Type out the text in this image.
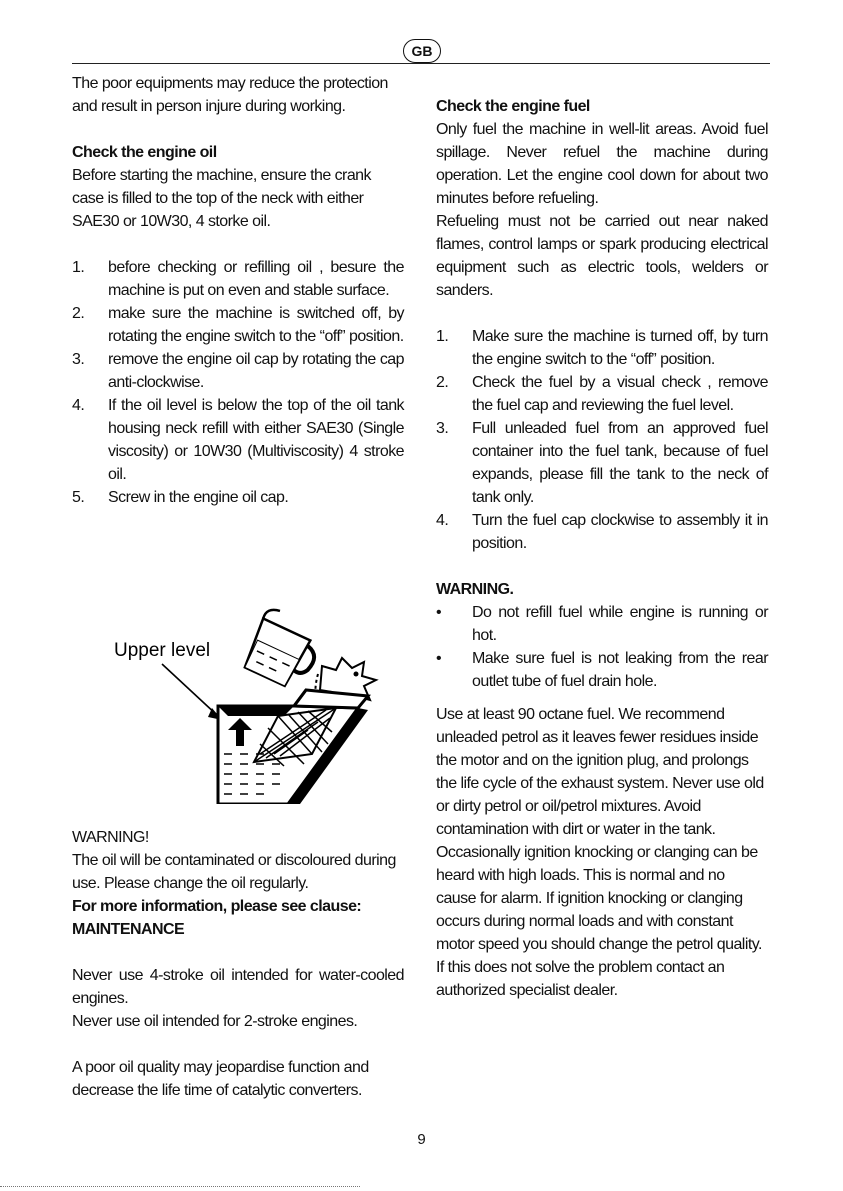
GB

The poor equipments may reduce the protection and result in person injure during working.

Check the engine oil

Before starting the machine, ensure the crank case is filled to the top of the neck with either SAE30 or 10W30, 4 storke oil.

1.	before checking or refilling oil , besure the machine is put on even and stable surface.
2.	make sure the machine is switched off, by rotating the engine switch to the “off” position.
3.	remove the engine oil cap by rotating the cap anti-clockwise.
4.	If the oil level is below the top of the oil tank housing neck refill with either SAE30 (Single viscosity) or 10W30 (Multiviscosity) 4 stroke oil.
5.	Screw in the engine oil cap.
Upper level

WARNING!

The oil will be contaminated or discoloured during use. Please change the oil regularly.

For more information, please see clause: MAINTENANCE

Never use 4-stroke oil intended for water-cooled engines.

Never use oil intended for 2-stroke engines.

A poor oil quality may jeopardise function and decrease the life time of catalytic converters.

Check the engine fuel

Only fuel the machine in well-lit areas. Avoid fuel spillage. Never refuel the machine during operation. Let the engine cool down for about two minutes before refueling.

Refueling must not be carried out near naked flames, control lamps or spark producing electrical equipment such as electric tools, welders or sanders.

1.	Make sure the machine is turned off, by turn the engine switch to the “off” position.
2.	Check the fuel by a visual check , remove the fuel cap and reviewing the fuel level.
3.	Full unleaded fuel from an approved fuel container into the fuel tank, because of fuel expands, please fill the tank to the neck of tank only.
4.	Turn the fuel cap clockwise to assembly it in position.

WARNING.

•	Do not refill fuel while engine is running or hot.
•	Make sure fuel is not leaking from the rear outlet tube of fuel drain hole.

Use at least 90 octane fuel. We recommend unleaded petrol as it leaves fewer residues inside the motor and on the ignition plug, and prolongs the life cycle of the exhaust system. Never use old or dirty petrol or oil/petrol mixtures. Avoid contamination with dirt or water in the tank. Occasionally ignition knocking or clanging can be heard with high loads. This is normal and no cause for alarm. If ignition knocking or clanging occurs during normal loads and with constant motor speed you should change the petrol quality. If this does not solve the problem contact an authorized specialist dealer.

9
